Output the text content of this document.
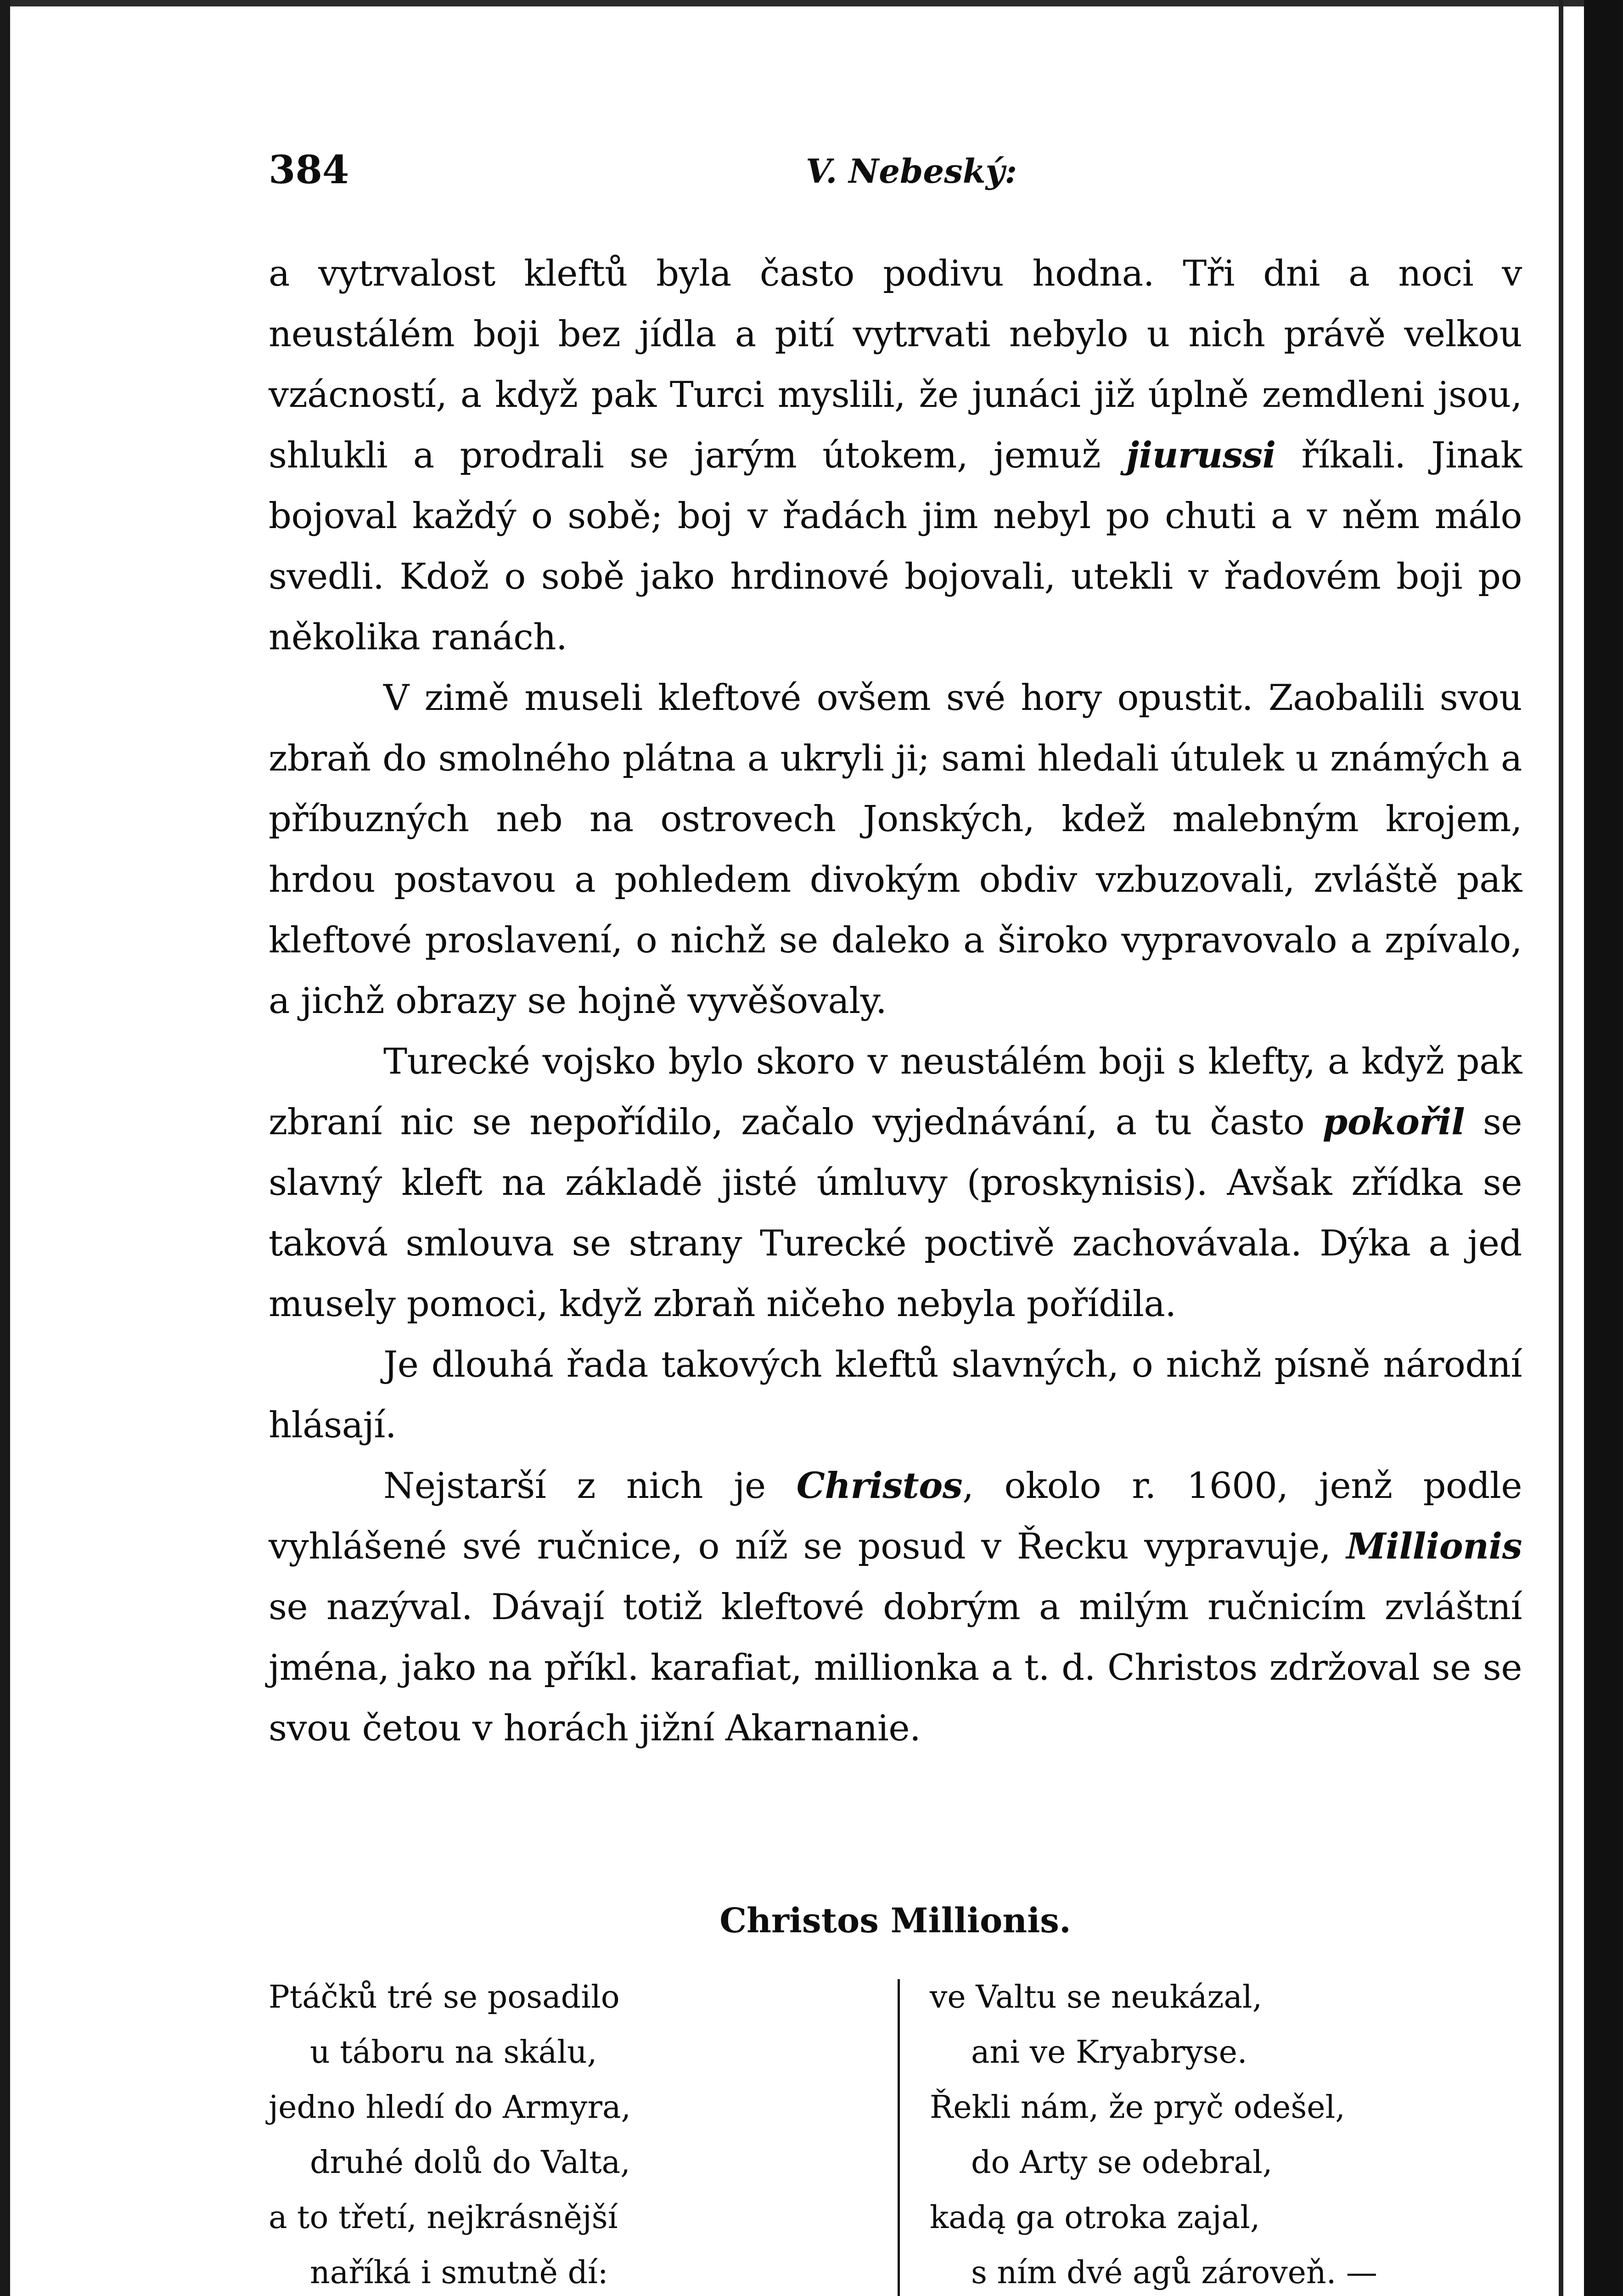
384	V. Nebeský:

a vytrvalost kleftů byla často podivu hodna. Tři dni a noci v neustálém boji bez jídla a pití vytrvati nebylo u nich právě velkou vzácností, a když pak Turci myslili, že junáci již úplně zemdleni jsou, shlukli a prodrali se jarým útokem, jemuž jiurussi říkali. Jinak bojoval každý o sobě; boj v řadách jim nebyl po chuti a v něm málo svedli. Kdož o sobě jako hrdinové bojovali, utekli v řadovém boji po několika ranách.

V zimě museli kleftové ovšem své hory opustit. Zaobalili svou zbraň do smolného plátna a ukryli ji; sami hledali útulek u známých a příbuzných neb na ostrovech Jonských, kdež malebným krojem, hrdou postavou a pohledem divokým obdiv vzbuzovali, zvláště pak kleftové proslavení, o nichž se daleko a široko vypravovalo a zpívalo, a jichž obrazy se hojně vyvěšovaly.

Turecké vojsko bylo skoro v neustálém boji s klefty, a když pak zbraní nic se nepořídilo, začalo vyjednávání, a tu často pokořil se slavný kleft na základě jisté úmluvy (proskynisis). Avšak zřídka se taková smlouva se strany Turecké poctivě zachovávala. Dýka a jed musely pomoci, když zbraň ničeho nebyla pořídila.

Je dlouhá řada takových kleftů slavných, o nichž písně národní hlásají.

Nejstarší z nich je Christos, okolo r. 1600, jenž podle vyhlášené své ručnice, o níž se posud v Řecku vypravuje, Millionis se nazýval. Dávají totiž kleftové dobrým a milým ručnicím zvláštní jména, jako na příkl. karafiat, millionka a t. d. Christos zdržoval se se svou četou v horách jižní Akarnanie.

Christos Millionis.
Ptáčků tré se posadilo
u táboru na skálu,
jedno hledí do Armyra,
druhé dolů do Valta,
a to třetí, nejkrásnější
naříká i smutně dí:
ve Valtu se neukázal,
ani ve Kryabryse.
Řekli nám, že pryč odešel,
do Arty se odebral,
kadą ⁠ga otroka zajal,
s ním dvé agů zároveň. —
